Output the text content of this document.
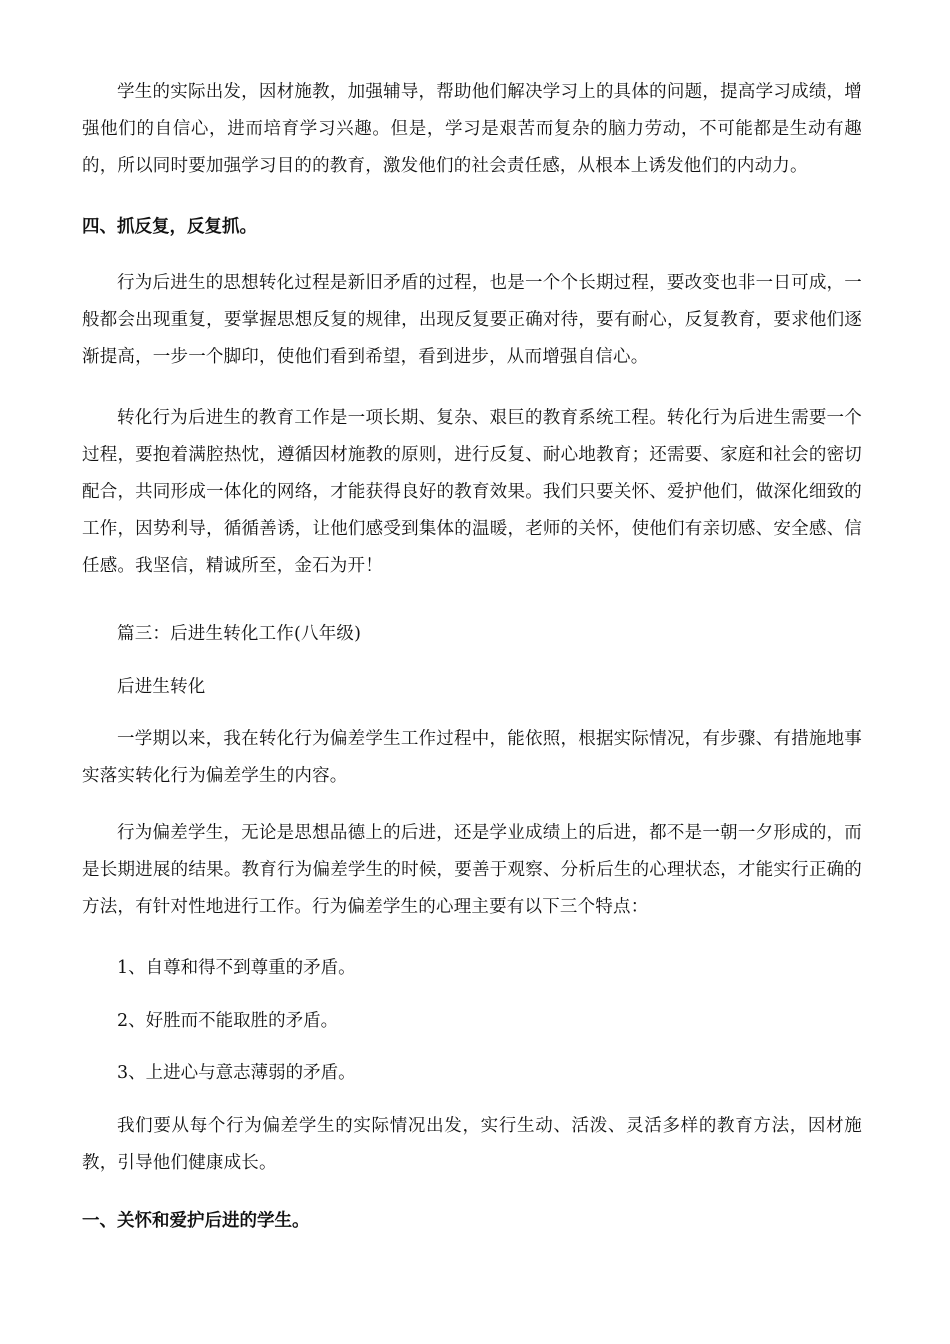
学生的实际出发，因材施教，加强辅导，帮助他们解决学习上的具体的问题，提高学习成绩，增强他们的自信心，进而培育学习兴趣。但是，学习是艰苦而复杂的脑力劳动，不可能都是生动有趣的，所以同时要加强学习目的的教育，激发他们的社会责任感，从根本上诱发他们的内动力。

四、抓反复，反复抓。

行为后进生的思想转化过程是新旧矛盾的过程，也是一个个长期过程，要改变也非一日可成，一般都会出现重复，要掌握思想反复的规律，出现反复要正确对待，要有耐心，反复教育，要求他们逐渐提高，一步一个脚印，使他们看到希望，看到进步，从而增强自信心。

转化行为后进生的教育工作是一项长期、复杂、艰巨的教育系统工程。转化行为后进生需要一个过程，要抱着满腔热忱，遵循因材施教的原则，进行反复、耐心地教育；还需要、家庭和社会的密切配合，共同形成一体化的网络，才能获得良好的教育效果。我们只要关怀、爱护他们，做深化细致的工作，因势利导，循循善诱，让他们感受到集体的温暖，老师的关怀，使他们有亲切感、安全感、信任感。我坚信，精诚所至，金石为开！

篇三：后进生转化工作(八年级)

后进生转化

一学期以来，我在转化行为偏差学生工作过程中，能依照，根据实际情况，有步骤、有措施地事实落实转化行为偏差学生的内容。

行为偏差学生，无论是思想品德上的后进，还是学业成绩上的后进，都不是一朝一夕形成的，而是长期进展的结果。教育行为偏差学生的时候，要善于观察、分析后生的心理状态，才能实行正确的方法，有针对性地进行工作。行为偏差学生的心理主要有以下三个特点：

1、自尊和得不到尊重的矛盾。

2、好胜而不能取胜的矛盾。

3、上进心与意志薄弱的矛盾。

我们要从每个行为偏差学生的实际情况出发，实行生动、活泼、灵活多样的教育方法，因材施教，引导他们健康成长。

一、关怀和爱护后进的学生。
